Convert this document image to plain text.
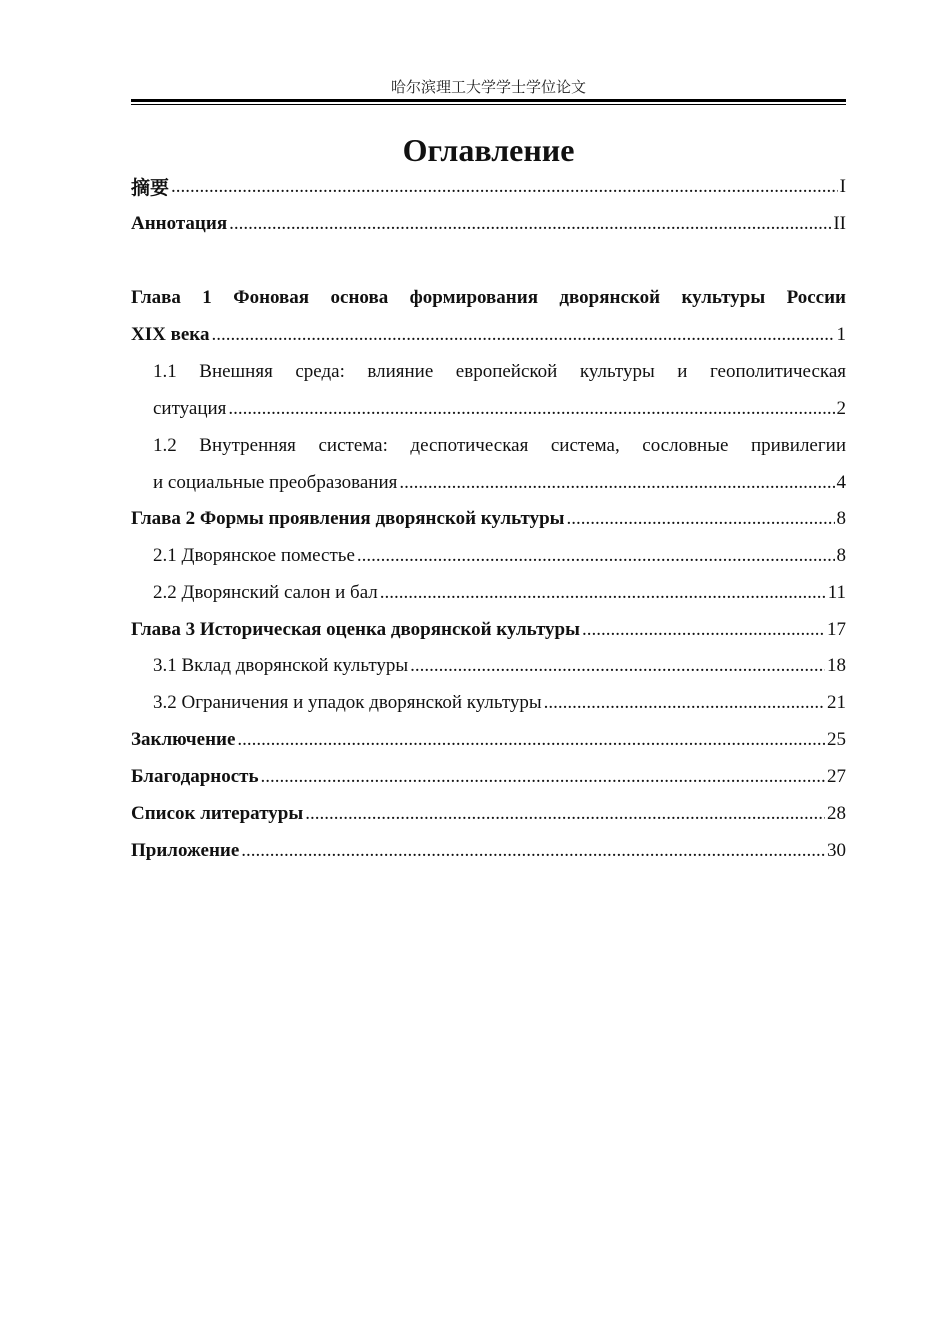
哈尔滨理工大学学士学位论文
Оглавление
摘要 .....	I
Аннотация .....	II
Глава 1 Фоновая основа формирования дворянской культуры России
XIX века .....	1
1.1 Внешняя среда: влияние европейской культуры и геополитическая
ситуация .....	2
1.2 Внутренняя система: деспотическая система, сословные привилегии
и социальные преобразования .....	4
Глава 2 Формы проявления дворянской культуры .....	8
2.1 Дворянское поместье .....	8
2.2 Дворянский салон и бал .....	11
Глава 3 Историческая оценка дворянской культуры .....	17
3.1 Вклад дворянской культуры .....	18
3.2 Ограничения и упадок дворянской культуры .....	21
Заключение .....	25
Благодарность .....	27
Список литературы .....	28
Приложение .....	30
